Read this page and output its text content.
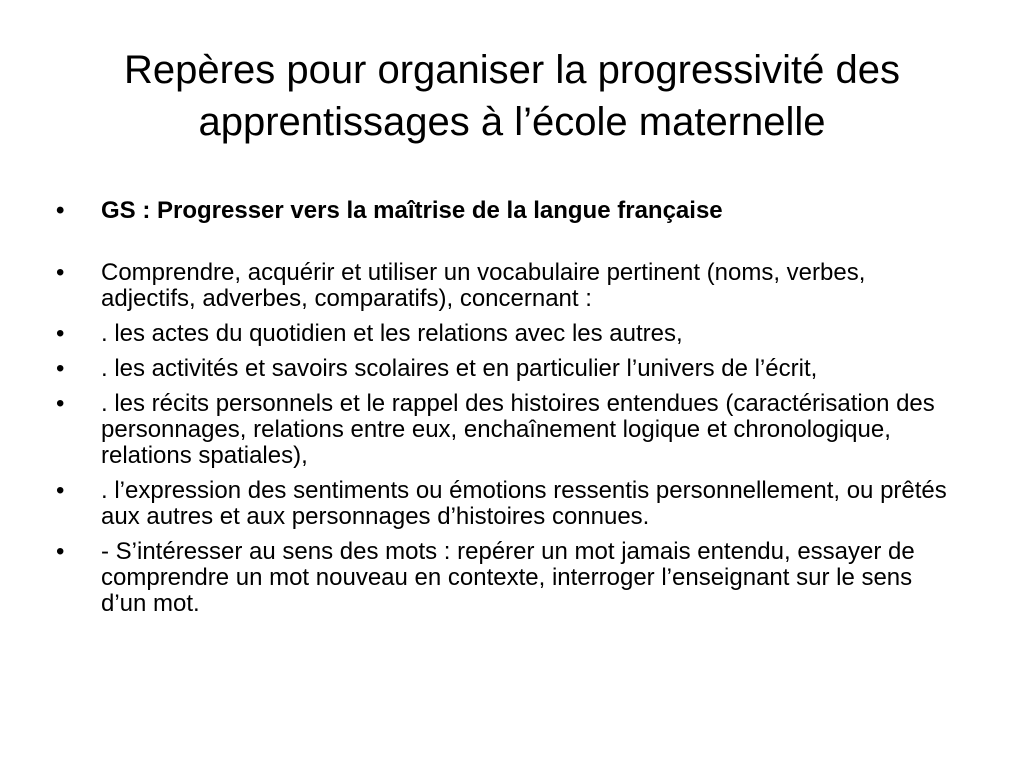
Repères pour organiser la progressivité des
apprentissages à l’école maternelle
• GS : Progresser vers la maîtrise de la langue française
• Comprendre, acquérir et utiliser un vocabulaire pertinent (noms, verbes, adjectifs, adverbes, comparatifs), concernant :
• . les actes du quotidien et les relations avec les autres,
• . les activités et savoirs scolaires et en particulier l’univers de l’écrit,
• . les récits personnels et le rappel des histoires entendues (caractérisation des personnages, relations entre eux, enchaînement logique et chronologique, relations spatiales),
• . l’expression des sentiments ou émotions ressentis personnellement, ou prêtés aux autres et aux personnages d’histoires connues.
• - S’intéresser au sens des mots : repérer un mot jamais entendu, essayer de comprendre un mot nouveau en contexte, interroger l’enseignant sur le sens d’un mot.
